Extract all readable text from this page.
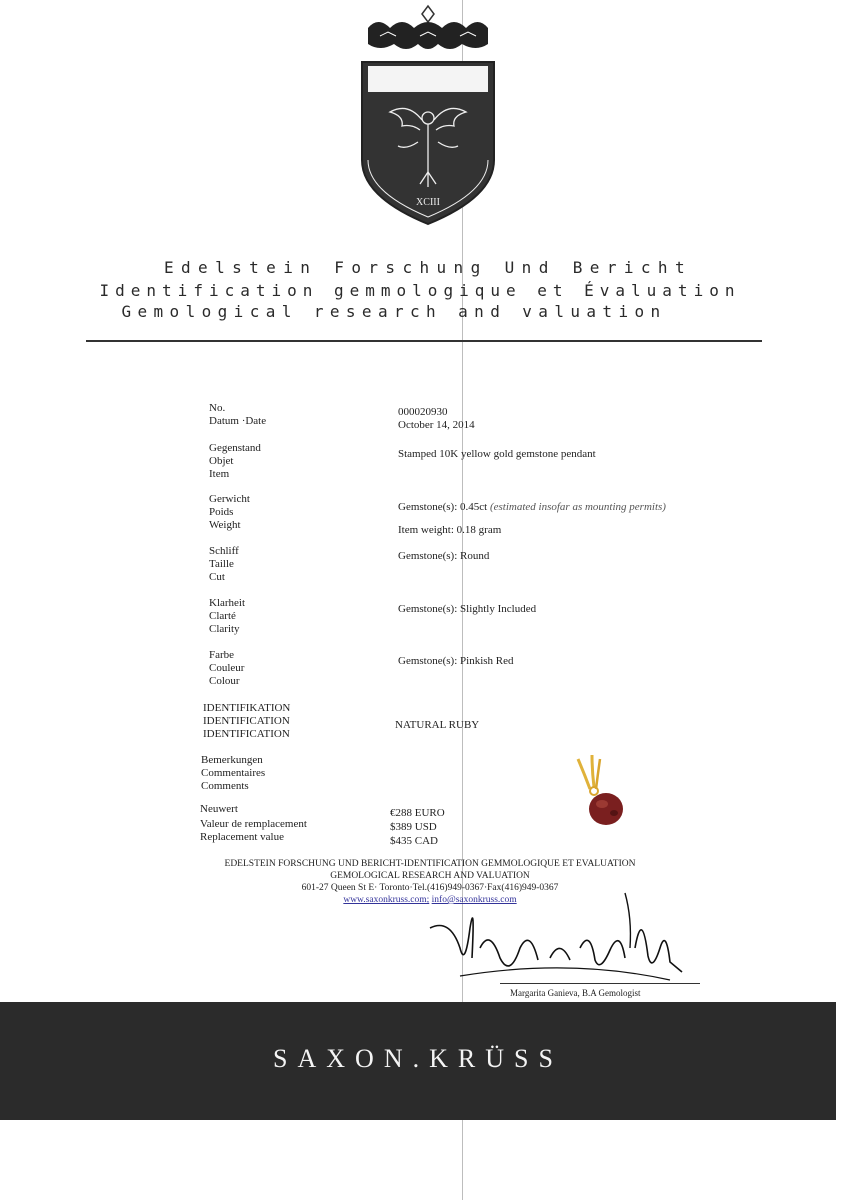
XCIII
Edelstein Forschung Und Bericht
Identification gemmologique et Évaluation
Gemological research and valuation
No.
Datum ·Date
000020930
October 14, 2014
Gegenstand
Objet
Item
Stamped 10K yellow gold gemstone pendant
Gerwicht
Poids
Weight
Gemstone(s): 0.45ct (estimated insofar as mounting permits)
Item weight: 0.18 gram
Schliff
Taille
Cut
Gemstone(s): Round
Klarheit
Clarté
Clarity
Gemstone(s): Slightly Included
Farbe
Couleur
Colour
Gemstone(s): Pinkish Red
IDENTIFIKATION
IDENTIFICATION
IDENTIFICATION
NATURAL RUBY
Bemerkungen
Commentaires
Comments
Neuwert
Valeur de remplacement
Replacement value
€288 EURO
$389 USD
$435 CAD
EDELSTEIN FORSCHUNG UND BERICHT-IDENTIFICATION GEMMOLOGIQUE ET EVALUATION
GEMOLOGICAL RESEARCH AND VALUATION
601-27 Queen St E· Toronto·Tel.(416)949-0367·Fax(416)949-0367
www.saxonkruss.com; info@saxonkruss.com
Margarita Ganieva, B.A Gemologist
SAXON.KRÜSS
